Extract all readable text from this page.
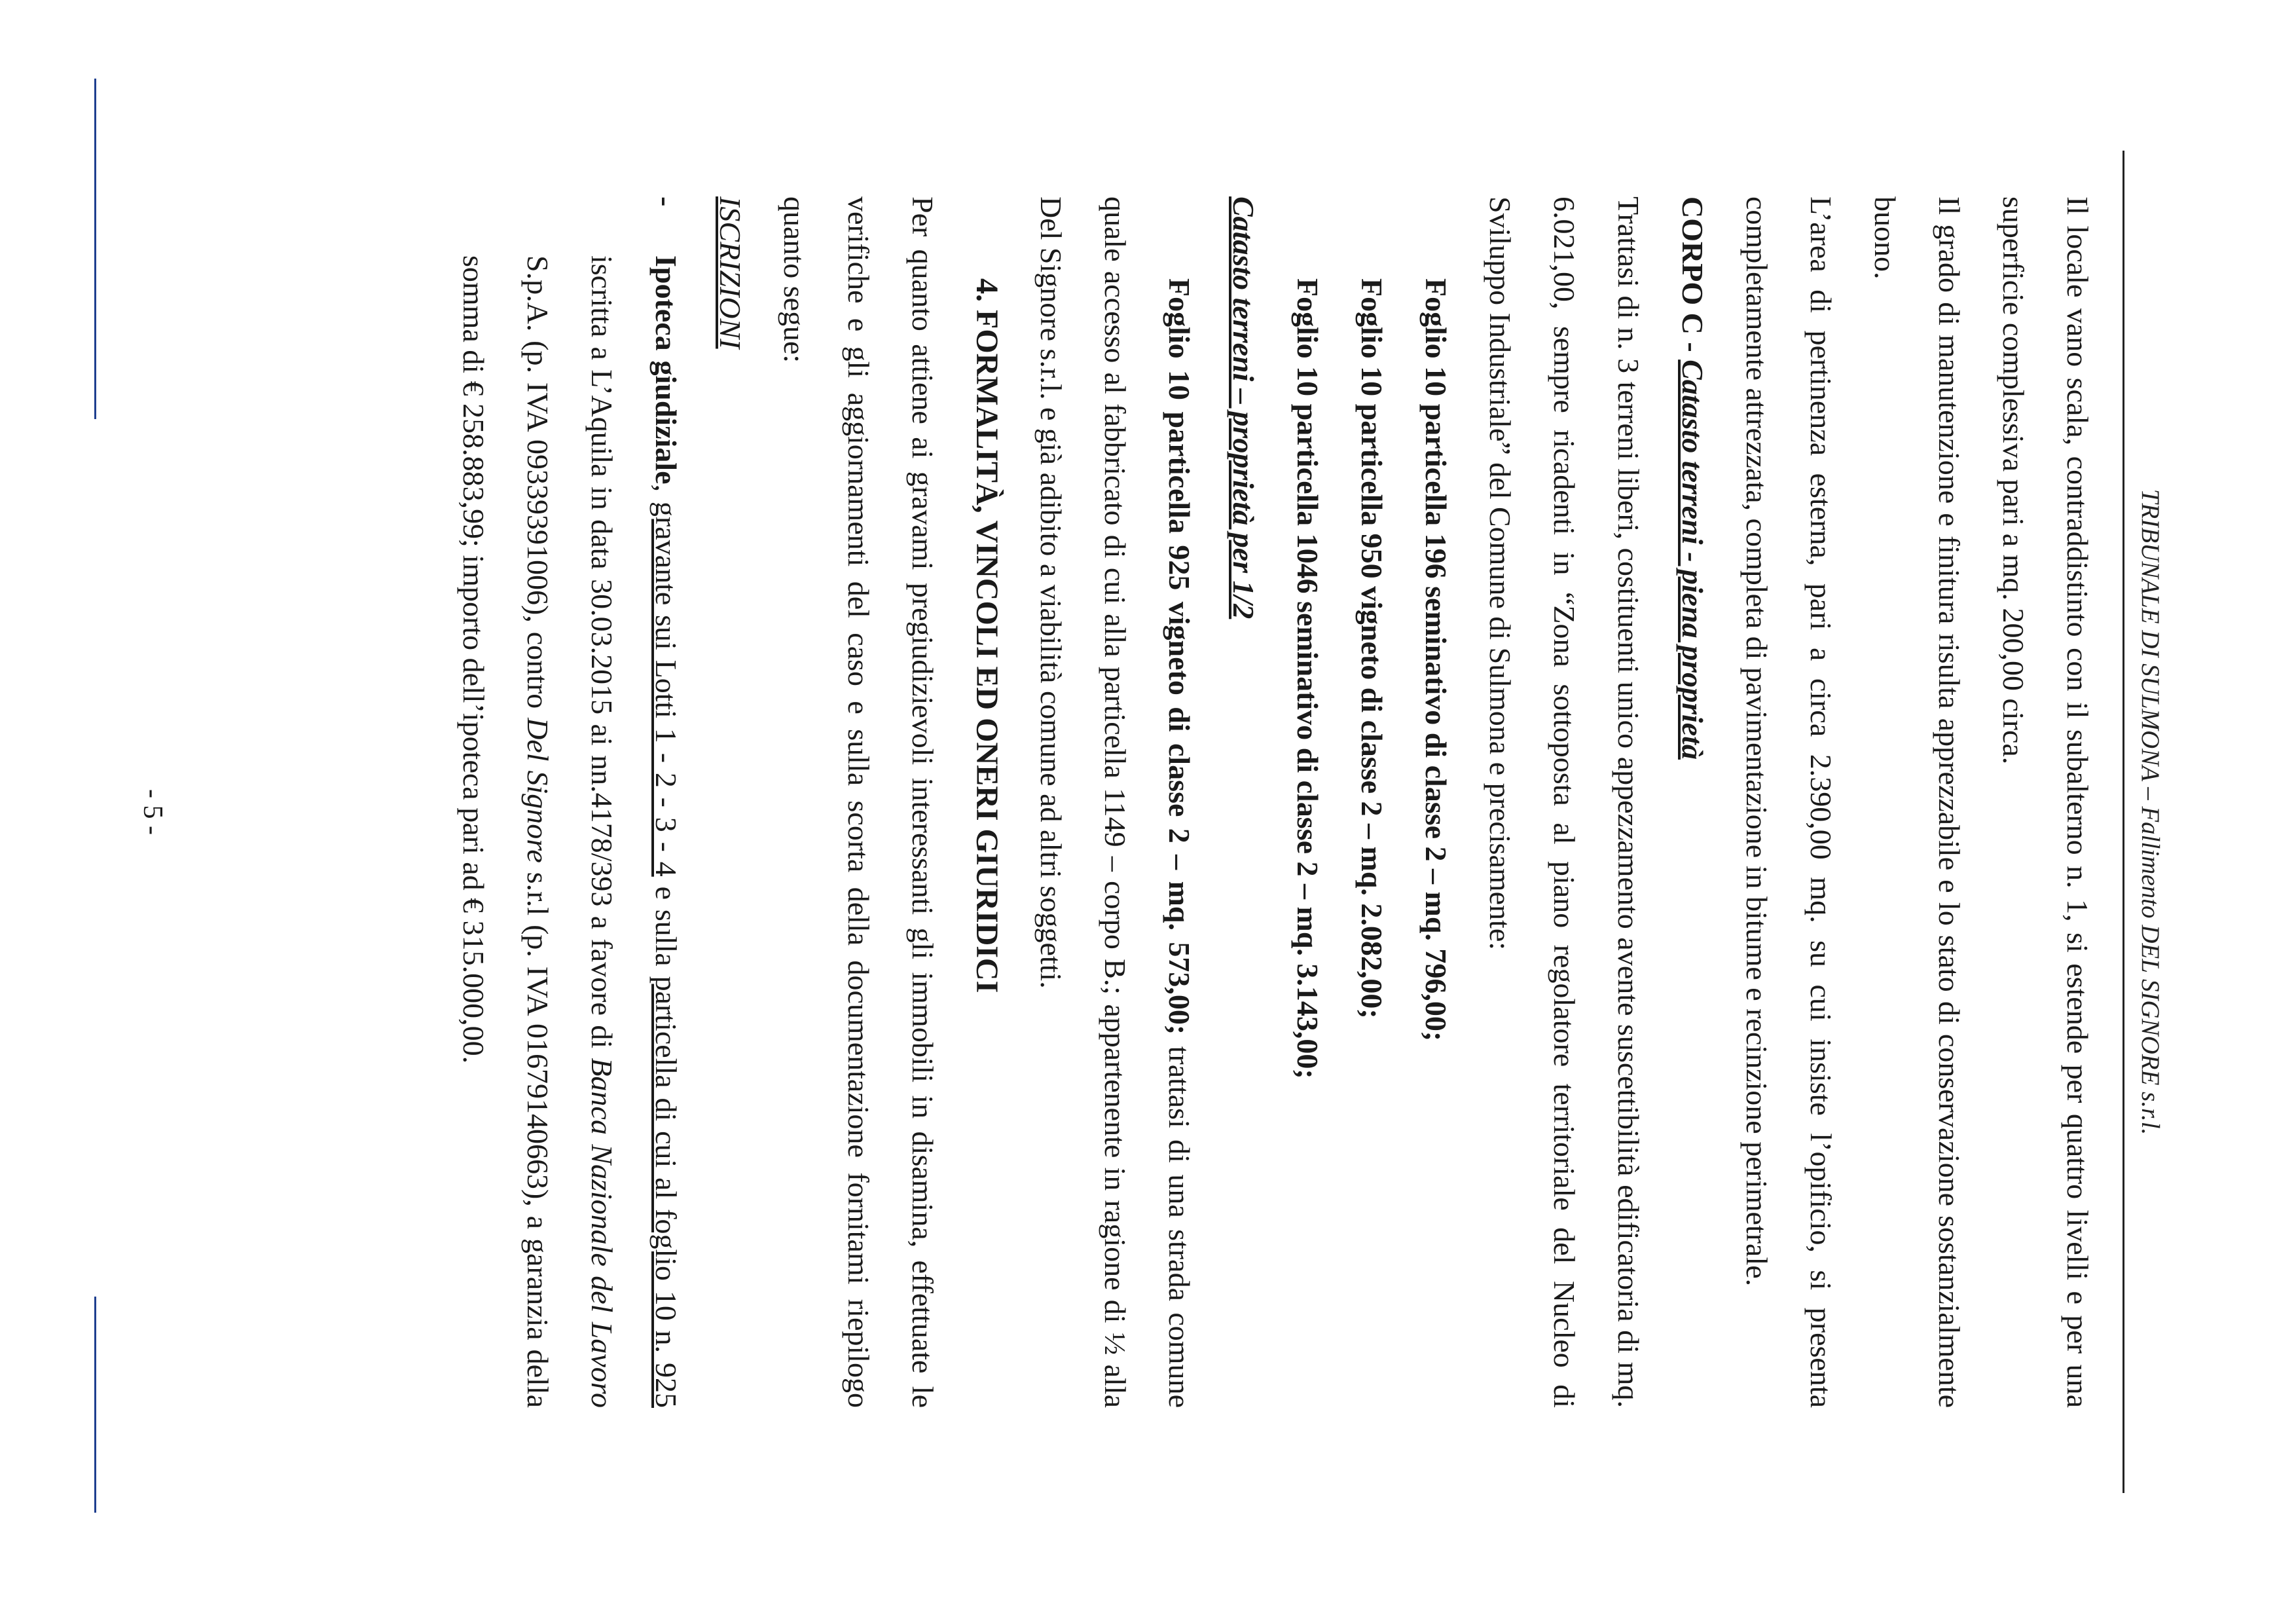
TRIBUNALE DI SULMONA – Fallimento DEL SIGNORE s.r.l.

Il locale vano scala, contraddistinto con il subalterno n. 1, si estende per quattro livelli e per una superficie complessiva pari a mq. 200,00 circa.

Il grado di manutenzione e finitura risulta apprezzabile e lo stato di conservazione sostanzialmente buono.

L’area di pertinenza esterna, pari a circa 2.390,00 mq. su cui insiste l’opificio, si presenta completamente attrezzata, completa di pavimentazione in bitume e recinzione perimetrale.

CORPO C - Catasto terreni - piena proprietà

Trattasi di n. 3 terreni liberi, costituenti unico appezzamento avente suscettibilità edificatoria di mq. 6.021,00, sempre ricadenti in “Zona sottoposta al piano regolatore territoriale del Nucleo di Sviluppo Industriale” del Comune di Sulmona e precisamente:

Foglio 10 particella 196 seminativo di classe 2 – mq. 796,00;

Foglio 10 particella 950 vigneto di classe 2 – mq. 2.082,00;

Foglio 10 particella 1046 seminativo di classe 2 – mq. 3.143,00;

Catasto terreni – proprietà per 1/2

Foglio 10 particella 925 vigneto di classe 2 – mq. 573,00; trattasi di una strada comune quale accesso al fabbricato di cui alla particella 1149 – corpo B.; appartenente in ragione di ½ alla Del Signore s.r.l. e già adibito a viabilità comune ad altri soggetti.

4. FORMALITÀ, VINCOLI ED ONERI GIURIDICI

Per quanto attiene ai gravami pregiudizievoli interessanti gli immobili in disamina, effettuate le verifiche e gli aggiornamenti del caso e sulla scorta della documentazione fornitami riepilogo quanto segue:

ISCRIZIONI

-
Ipoteca giudiziale, gravante sui Lotti 1 - 2 - 3 - 4 e sulla particella di cui al foglio 10 n. 925 iscritta a L’Aquila in data 30.03.2015 ai nn.4178/393 a favore di Banca Nazionale del Lavoro S.p.A. (p. IVA 09339391006), contro Del Signore s.r.l (p. IVA 01679140663), a garanzia della somma di € 258.883,99; importo dell’ipoteca pari ad € 315.000,00.

- 5 -
